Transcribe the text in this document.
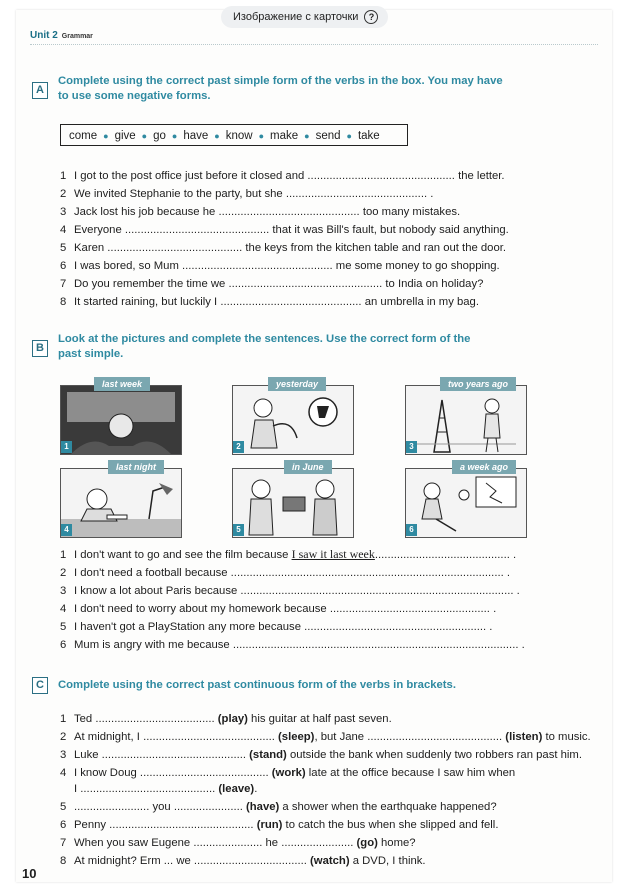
Unit 2 Grammar
A
Complete using the correct past simple form of the verbs in the box. You may have
to use some negative forms.
come ● give ● go ● have ● know ● make ● send ● take
1 I got to the post office just before it closed and ............................................... the letter.
2 We invited Stephanie to the party, but she ............................................. .
3 Jack lost his job because he ............................................. too many mistakes.
4 Everyone .............................................. that it was Bill's fault, but nobody said anything.
5 Karen ........................................... the keys from the kitchen table and ran out the door.
6 I was bored, so Mum ................................................ me some money to go shopping.
7 Do you remember the time we ................................................. to India on holiday?
8 It started raining, but luckily I ............................................. an umbrella in my bag.
B
Look at the pictures and complete the sentences. Use the correct form of the
past simple.
last week
1
yesterday
2
two years ago
3
last night
4
in June
5
a week ago
6
1 I don't want to go and see the film because I saw it last week........................................... .
2 I don't need a football because ....................................................................................... .
3 I know a lot about Paris because ....................................................................................... .
4 I don't need to worry about my homework because ................................................... .
5 I haven't got a PlayStation any more because .......................................................... .
6 Mum is angry with me because ........................................................................................... .
C	Complete using the correct past continuous form of the verbs in brackets.
1 Ted ...................................... (play) his guitar at half past seven.
2 At midnight, I .......................................... (sleep), but Jane ........................................... (listen) to music.
3 Luke .............................................. (stand) outside the bank when suddenly two robbers ran past him.
4 I know Doug ......................................... (work) late at the office because I saw him when
I ........................................... (leave).
5 ........................ you ...................... (have) a shower when the earthquake happened?
6 Penny .............................................. (run) to catch the bus when she slipped and fell.
7 When you saw Eugene ...................... he ....................... (go) home?
8 At midnight? Erm ... we .................................... (watch) a DVD, I think.
10
Изображение с карточки	?
